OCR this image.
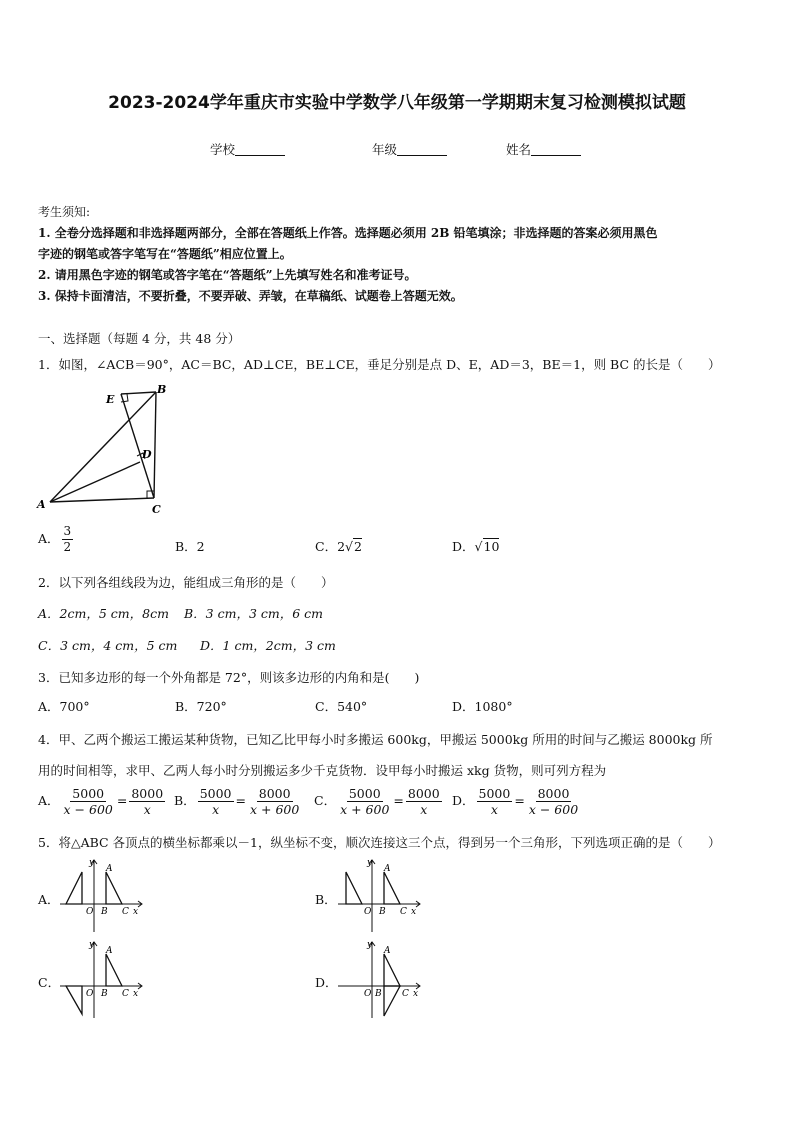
2023-2024学年重庆市实验中学数学八年级第一学期期末复习检测模拟试题
学校	年级	姓名
考生须知:
1. 全卷分选择题和非选择题两部分，全部在答题纸上作答。选择题必须用 2B 铅笔填涂；非选择题的答案必须用黑色
字迹的钢笔或答字笔写在“答题纸”相应位置上。
2. 请用黑色字迹的钢笔或答字笔在“答题纸”上先填写姓名和准考证号。
3. 保持卡面清洁，不要折叠，不要弄破、弄皱，在草稿纸、试题卷上答题无效。
一、选择题（每题 4 分，共 48 分）
1．如图，∠ACB＝90°，AC＝BC，AD⊥CE，BE⊥CE，垂足分别是点 D、E，AD＝3，BE＝1，则 BC 的长是（　　）
E
B
D
A	C
A． $\frac{3}{2}$	B．2	C．2√2	D．√10
2．以下列各组线段为边，能组成三角形的是（　　）
A．2cm，5 cm，8cm B．3 cm，3 cm，6 cm
C．3 cm，4 cm，5 cm D．1 cm，2cm，3 cm
3．已知多边形的每一个外角都是 72°，则该多边形的内角和是(　　)
A．700°	B．720°	C．540°	D．1080°
4．甲、乙两个搬运工搬运某种货物，已知乙比甲每小时多搬运 600kg，甲搬运 5000kg 所用的时间与乙搬运 8000kg 所
用的时间相等，求甲、乙两人每小时分别搬运多少千克货物．设甲每小时搬运 xkg 货物，则可列方程为
A． $\frac{5000}{x - 600} = \frac{8000}{x}$ B． $\frac{5000}{x} = \frac{8000}{x + 600}$ C． $\frac{5000}{x + 600} = \frac{8000}{x}$ D． $\frac{5000}{x} = \frac{8000}{x - 600}$
5．将△ABC 各顶点的横坐标都乘以－1，纵坐标不变，顺次连接这三个点，得到另一个三角形，下列选项正确的是（　　）
A．	B．
C．	D．
y
O B C x
A
y
O B C x
A
y
O B C x
A
y
O B C x
A
